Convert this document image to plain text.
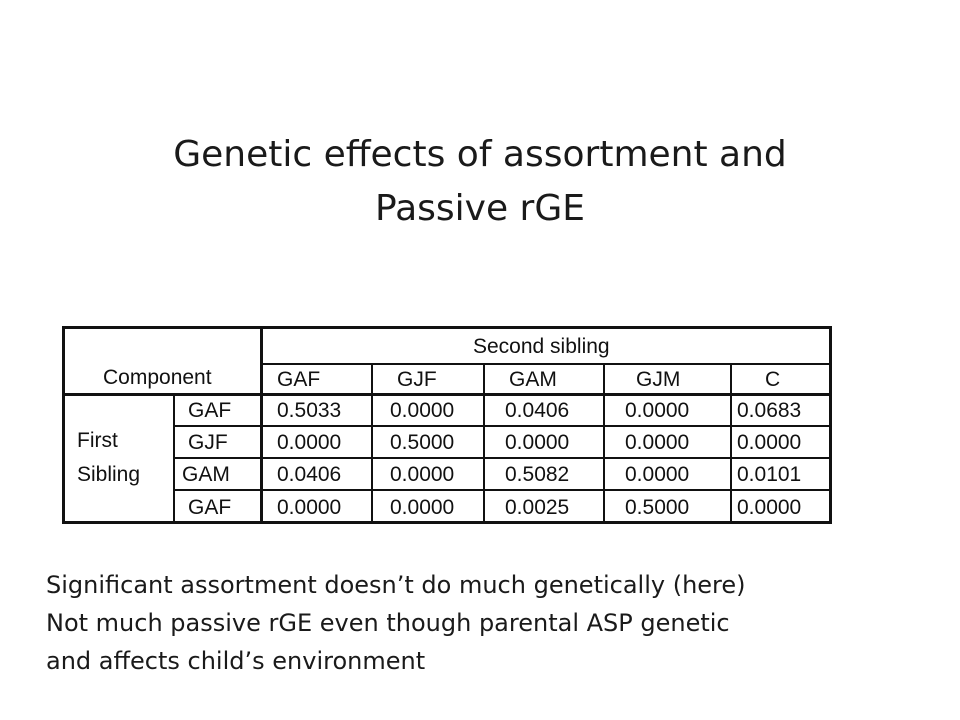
Genetic effects of assortment and
Passive rGE
Second sibling
Component	GAF	GJF	GAM	GJM	C
First
Sibling
GAF 0.5033 0.0000 0.0406	0.0000 0.0683
GJF 0.0000 0.5000 0.0000	0.0000 0.0000
GAM 0.0406 0.0000 0.5082	0.0000 0.0101
GAF 0.0000 0.0000 0.0025	0.5000 0.0000

Significant assortment doesn’t do much genetically (here)

Not much passive rGE even though parental ASP genetic

and affects child’s environment
